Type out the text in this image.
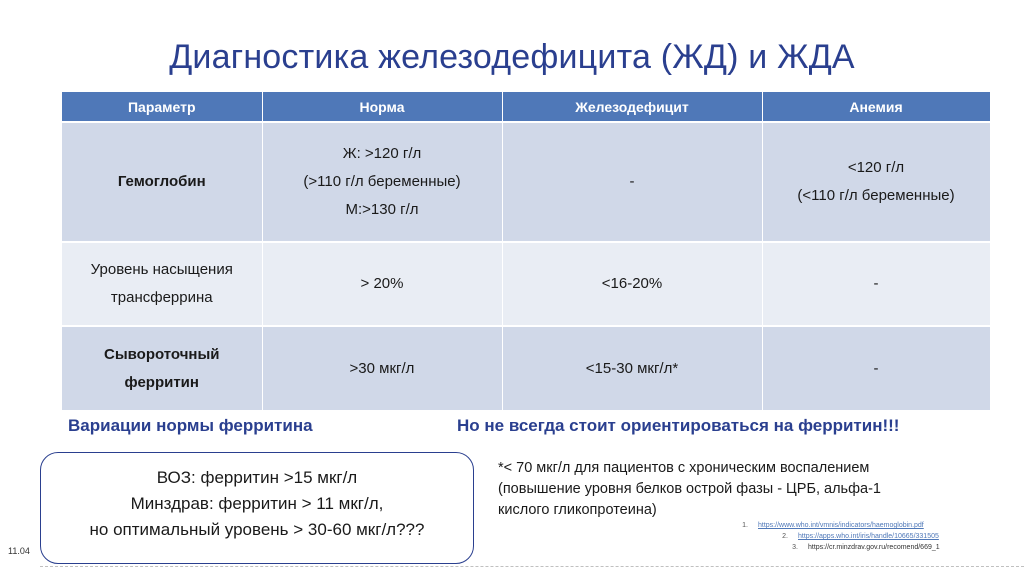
Диагностика железодефицита (ЖД) и ЖДА
Параметр	Норма	Железодефицит	Анемия

Гемоглобин	Ж: >120 г/л
(>110 г/л беременные)
М:>130 г/л	-	<120 г/л
(<110 г/л беременные)

Уровень насыщения
трансферрина	> 20%	<16-20%	-

Сывороточный
ферритин	>30 мкг/л	<15-30 мкг/л*	-
Вариации нормы ферритина	Но не всегда стоит ориентироваться на ферритин!!!
ВОЗ: ферритин >15 мкг/л
Минздрав: ферритин > 11 мкг/л,
но оптимальный уровень > 30-60 мкг/л???
*< 70 мкг/л для пациентов с хроническим воспалением
(повышение уровня белков острой фазы - ЦРБ, альфа-1
кислого гликопротеина)
1. https://www.who.int/vmnis/indicators/haemoglobin.pdf
2. https://apps.who.int/iris/handle/10665/331505
3. https://cr.minzdrav.gov.ru/recomend/669_1
11.04
